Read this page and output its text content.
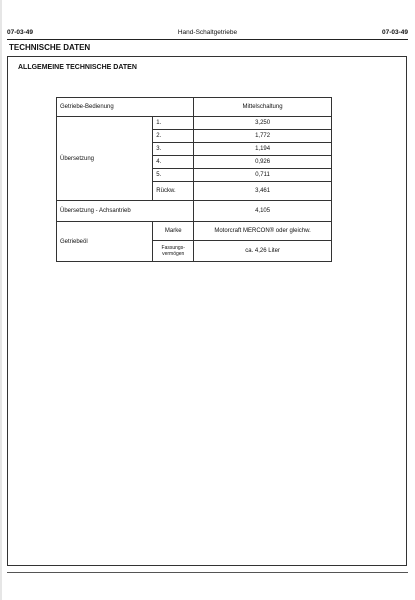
07-03-49	Hand-Schaltgetriebe	07-03-49
TECHNISCHE DATEN
ALLGEMEINE TECHNISCHE DATEN
Getriebe-Bedienung		Mittelschaltung
Übersetzung	1.	3,250
	2.	1,772
	3.	1,194
	4.	0,926
	5.	0,711
	Rückw.	3,461
Übersetzung - Achsantrieb		4,105
Getriebeöl	Marke	Motorcraft MERCON® oder gleichw.
	Fassungs-vermögen	ca. 4,26 Liter
